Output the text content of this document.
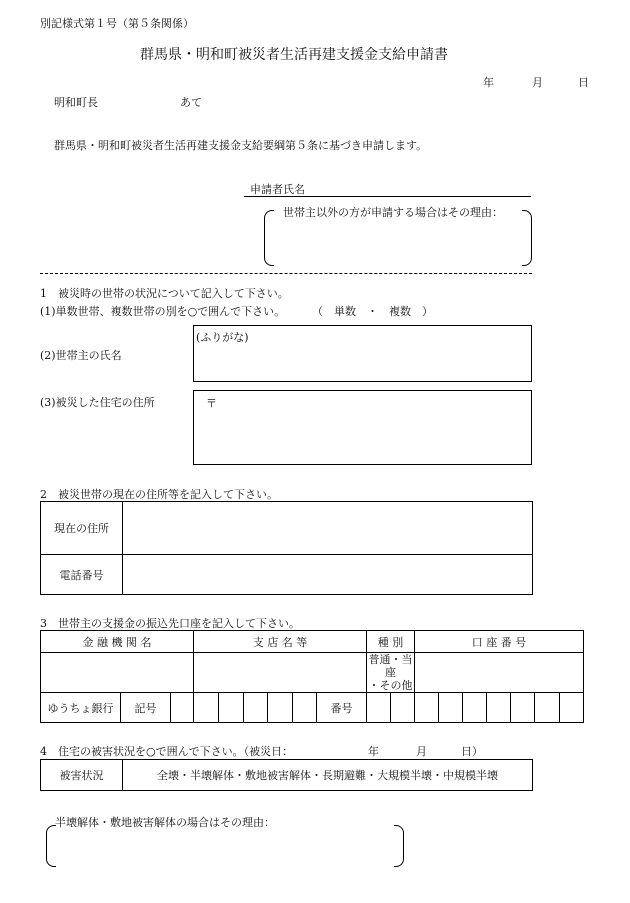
別記様式第１号（第５条関係）
群馬県・明和町被災者生活再建支援金支給申請書
年	月	日
明和町長	あて
群馬県・明和町被災者生活再建支援金支給要綱第５条に基づき申請します。
申請者氏名
世帯主以外の方が申請する場合はその理由：
1　被災時の世帯の状況について記入して下さい。
(1)単数世帯、複数世帯の別を○で囲んで下さい。 （　単数　・　複数　）
(2)世帯主の氏名
(ふりがな)
(3)被災した住宅の住所	〒
2　被災世帯の現在の住所等を記入して下さい。
現在の住所	
電話番号	
3　世帯主の支援金の振込先口座を記入して下さい。
金 融 機 関 名			支 店 名 等						種 別		口 座 番 号						

									普通・当座
・その他								

ゆうちょ銀行	記号							番号									
4　住宅の被害状況を○で囲んで下さい。（被災日：	年	月	日）
被害状況	全壊・半壊解体・敷地被害解体・長期避難・大規模半壊・中規模半壊
半壊解体・敷地被害解体の場合はその理由：
